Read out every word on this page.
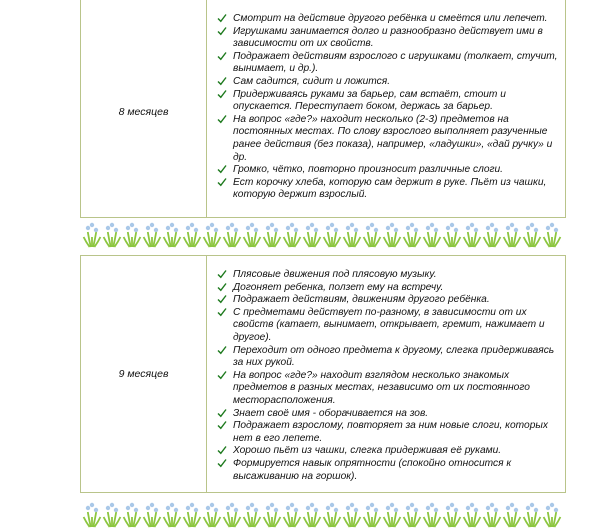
8 месяцев
Смотрит на действие другого ребёнка и смеётся или лепечет.
Игрушками занимается долго и разнообразно действует ими в зависимости от их свойств.
Подражает действиям взрослого с игрушками (толкает, стучит, вынимает, и др.).
Сам садится, сидит и ложится.
Придерживаясь руками за барьер, сам встаёт, стоит и опускается. Переступает боком, держась за барьер.
На вопрос «где?» находит несколько (2-3) предметов на постоянных местах. По слову взрослого выполняет разученные ранее действия (без показа), например, «ладушки», «дай ручку» и др.
Громко, чётко, повторно произносит различные слоги.
Ест корочку хлеба, которую сам держит в руке. Пьёт из чашки, которую держит взрослый.
9 месяцев
Плясовые движения под плясовую музыку.
Догоняет ребенка, ползет ему на встречу.
Подражает действиям, движениям другого ребёнка.
С предметами действует по-разному, в зависимости от их свойств (катает, вынимает, открывает, гремит, нажимает и другое).
Переходит от одного предмета к другому, слегка придерживаясь за них рукой.
На вопрос «где?» находит взглядом несколько знакомых предметов в разных местах, независимо от их постоянного месторасположения.
Знает своё имя - оборачивается на зов.
Подражает взрослому, повторяет за ним новые слоги, которых нет в его лепете.
Хорошо пьёт из чашки, слегка придерживая её руками.
Формируется навык опрятности (спокойно относится к высаживанию на горшок).
